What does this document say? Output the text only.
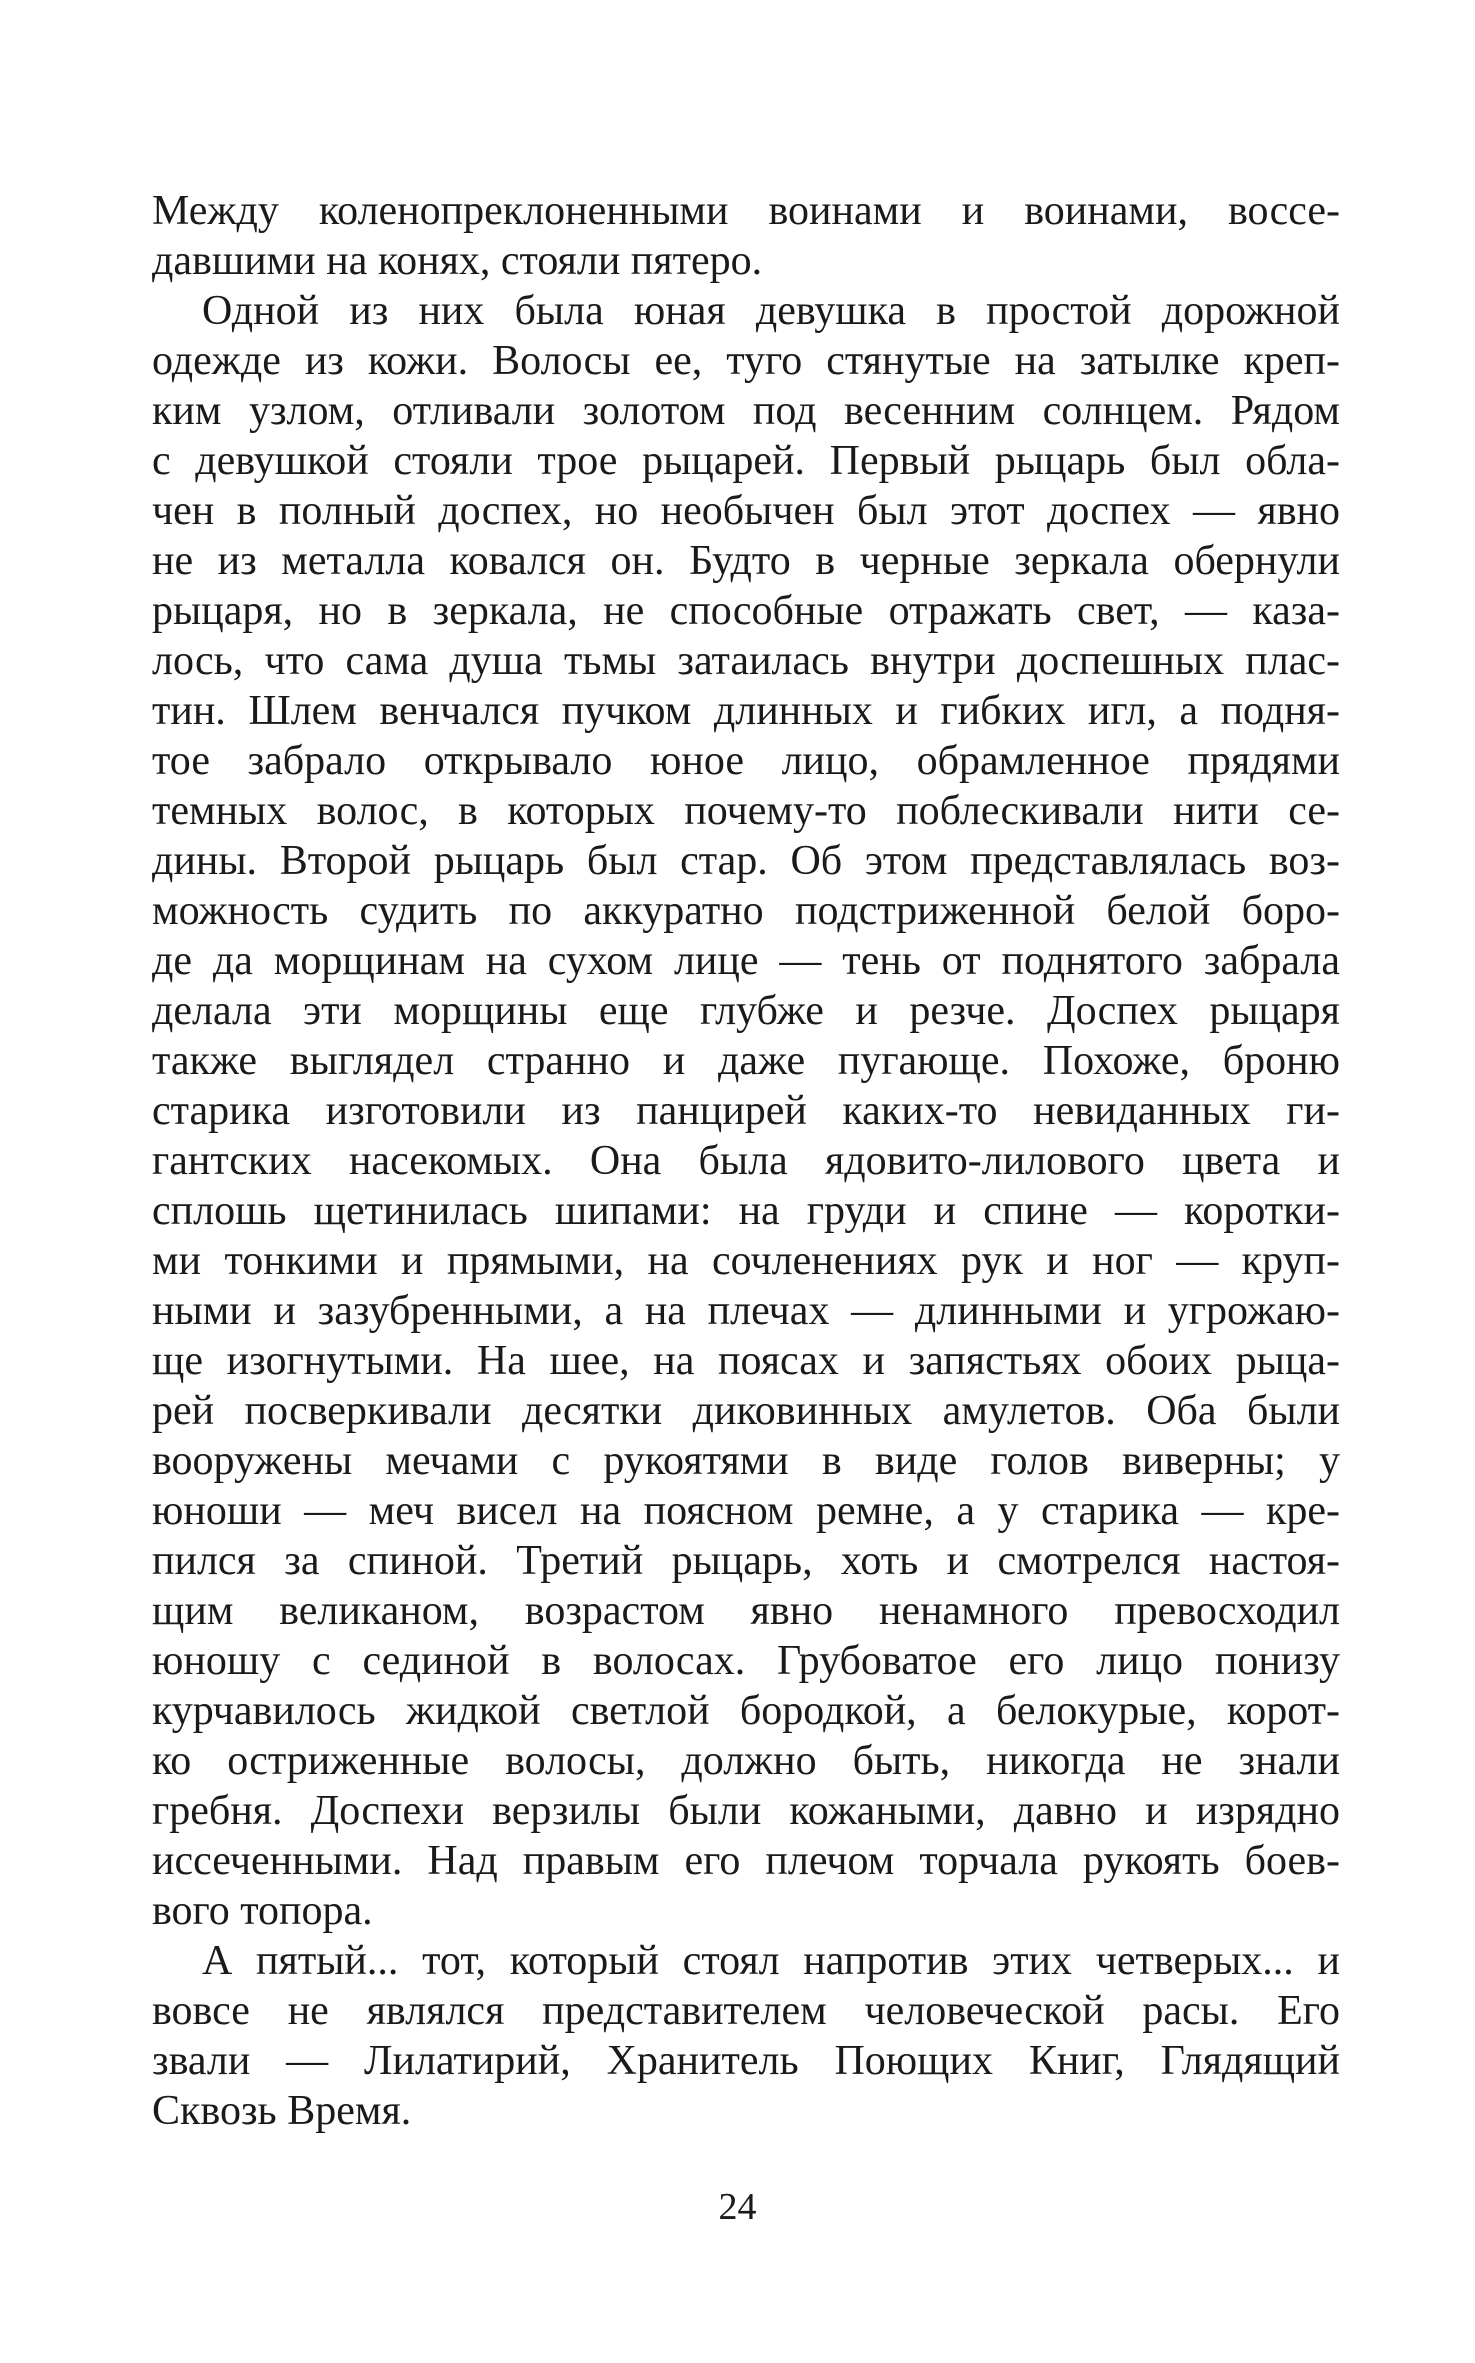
Между коленопреклоненными воинами и воинами, воссе-
давшими на конях, стояли пятеро.
Одной из них была юная девушка в простой дорожной
одежде из кожи. Волосы ее, туго стянутые на затылке креп-
ким узлом, отливали золотом под весенним солнцем. Рядом
с девушкой стояли трое рыцарей. Первый рыцарь был обла-
чен в полный доспех, но необычен был этот доспех — явно
не из металла ковался он. Будто в черные зеркала обернули
рыцаря, но в зеркала, не способные отражать свет, — каза-
лось, что сама душа тьмы затаилась внутри доспешных плас-
тин. Шлем венчался пучком длинных и гибких игл, а подня-
тое забрало открывало юное лицо, обрамленное прядями
темных волос, в которых почему-то поблескивали нити се-
дины. Второй рыцарь был стар. Об этом представлялась воз-
можность судить по аккуратно подстриженной белой боро-
де да морщинам на сухом лице — тень от поднятого забрала
делала эти морщины еще глубже и резче. Доспех рыцаря
также выглядел странно и даже пугающе. Похоже, броню
старика изготовили из панцирей каких-то невиданных ги-
гантских насекомых. Она была ядовито-лилового цвета и
сплошь щетинилась шипами: на груди и спине — коротки-
ми тонкими и прямыми, на сочленениях рук и ног — круп-
ными и зазубренными, а на плечах — длинными и угрожаю-
ще изогнутыми. На шее, на поясах и запястьях обоих рыца-
рей посверкивали десятки диковинных амулетов. Оба были
вооружены мечами с рукоятями в виде голов виверны; у
юноши — меч висел на поясном ремне, а у старика — кре-
пился за спиной. Третий рыцарь, хоть и смотрелся настоя-
щим великаном, возрастом явно ненамного превосходил
юношу с сединой в волосах. Грубоватое его лицо понизу
курчавилось жидкой светлой бородкой, а белокурые, корот-
ко остриженные волосы, должно быть, никогда не знали
гребня. Доспехи верзилы были кожаными, давно и изрядно
иссеченными. Над правым его плечом торчала рукоять боев-
вого топора.
А пятый... тот, который стоял напротив этих четверых... и
вовсе не являлся представителем человеческой расы. Его
звали — Лилатирий, Хранитель Поющих Книг, Глядящий
Сквозь Время.
24
